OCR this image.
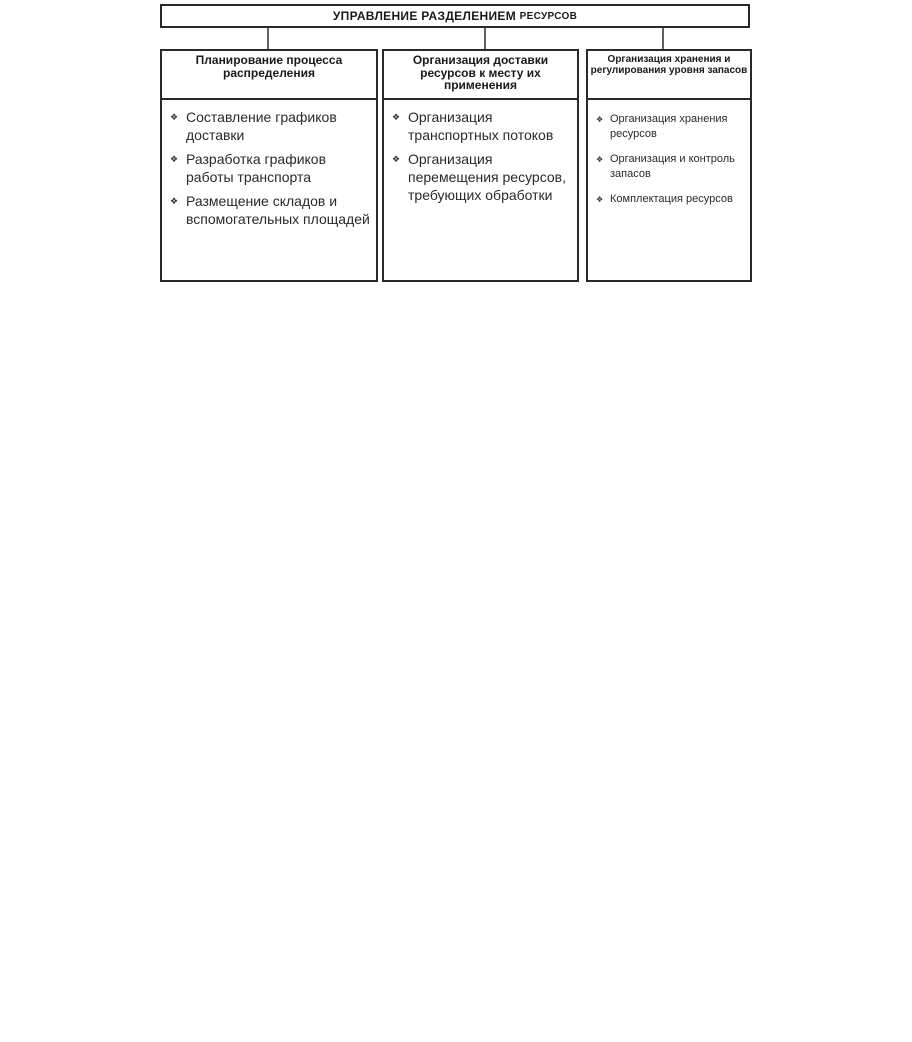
УПРАВЛЕНИЕ РАЗДЕЛЕНИЕМ
РЕСУРСОВ
Планирование процесса распределения
❖ Составление графиков доставки
❖ Разработка графиков работы транспорта
❖ Размещение складов и вспомогательных площадей
Организация доставки ресурсов к месту их применения
❖ Организация транспортных потоков
❖ Организация перемещения ресурсов, требующих обработки
Организация хранения и регулирования уровня запасов
❖ Организация хранения ресурсов
❖ Организация и контроль запасов
❖ Комплектация ресурсов
